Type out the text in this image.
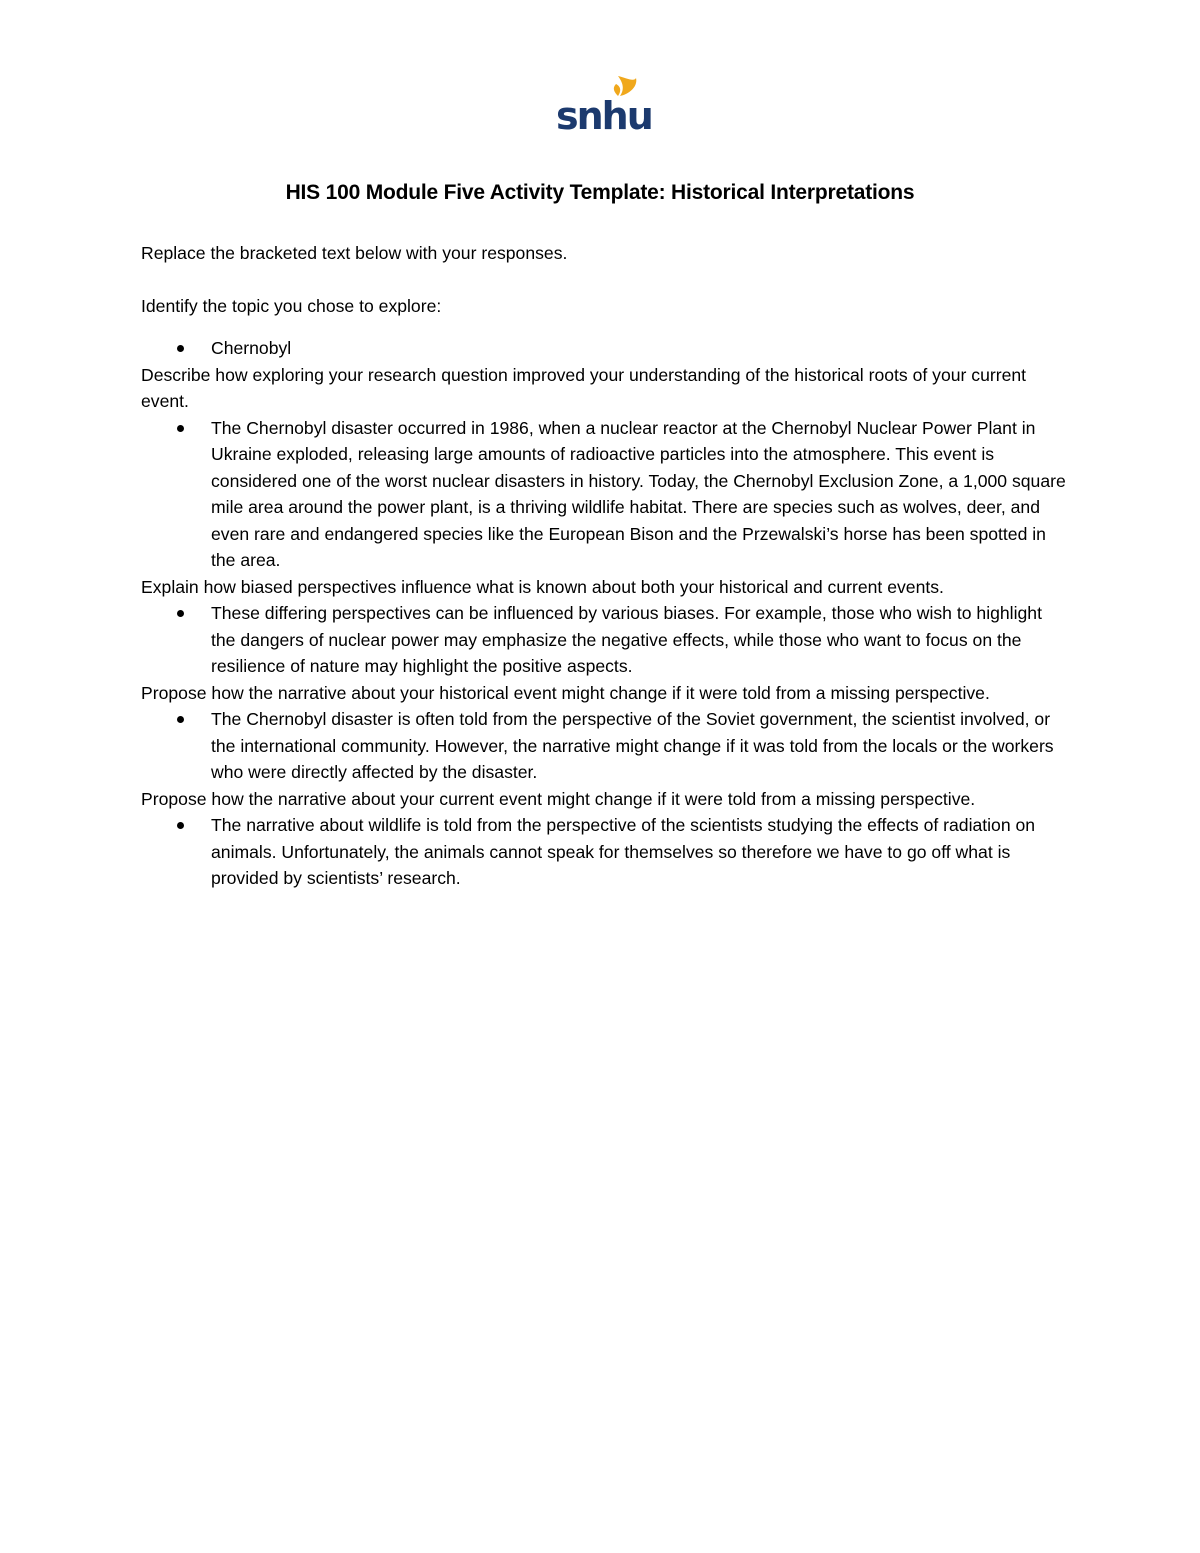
snhu
HIS 100 Module Five Activity Template: Historical Interpretations

Replace the bracketed text below with your responses.

Identify the topic you chose to explore:

Chernobyl

Describe how exploring your research question improved your understanding of the historical roots of your current event.

The Chernobyl disaster occurred in 1986, when a nuclear reactor at the Chernobyl Nuclear Power Plant in Ukraine exploded, releasing large amounts of radioactive particles into the atmosphere. This event is considered one of the worst nuclear disasters in history. Today, the Chernobyl Exclusion Zone, a 1,000 square mile area around the power plant, is a thriving wildlife habitat. There are species such as wolves, deer, and even rare and endangered species like the European Bison and the Przewalski’s horse has been spotted in the area.

Explain how biased perspectives influence what is known about both your historical and current events.

These differing perspectives can be influenced by various biases. For example, those who wish to highlight the dangers of nuclear power may emphasize the negative effects, while those who want to focus on the resilience of nature may highlight the positive aspects.

Propose how the narrative about your historical event might change if it were told from a missing perspective.

The Chernobyl disaster is often told from the perspective of the Soviet government, the scientist involved, or the international community. However, the narrative might change if it was told from the locals or the workers who were directly affected by the disaster.

Propose how the narrative about your current event might change if it were told from a missing perspective.

The narrative about wildlife is told from the perspective of the scientists studying the effects of radiation on animals. Unfortunately, the animals cannot speak for themselves so therefore we have to go off what is provided by scientists’ research.
